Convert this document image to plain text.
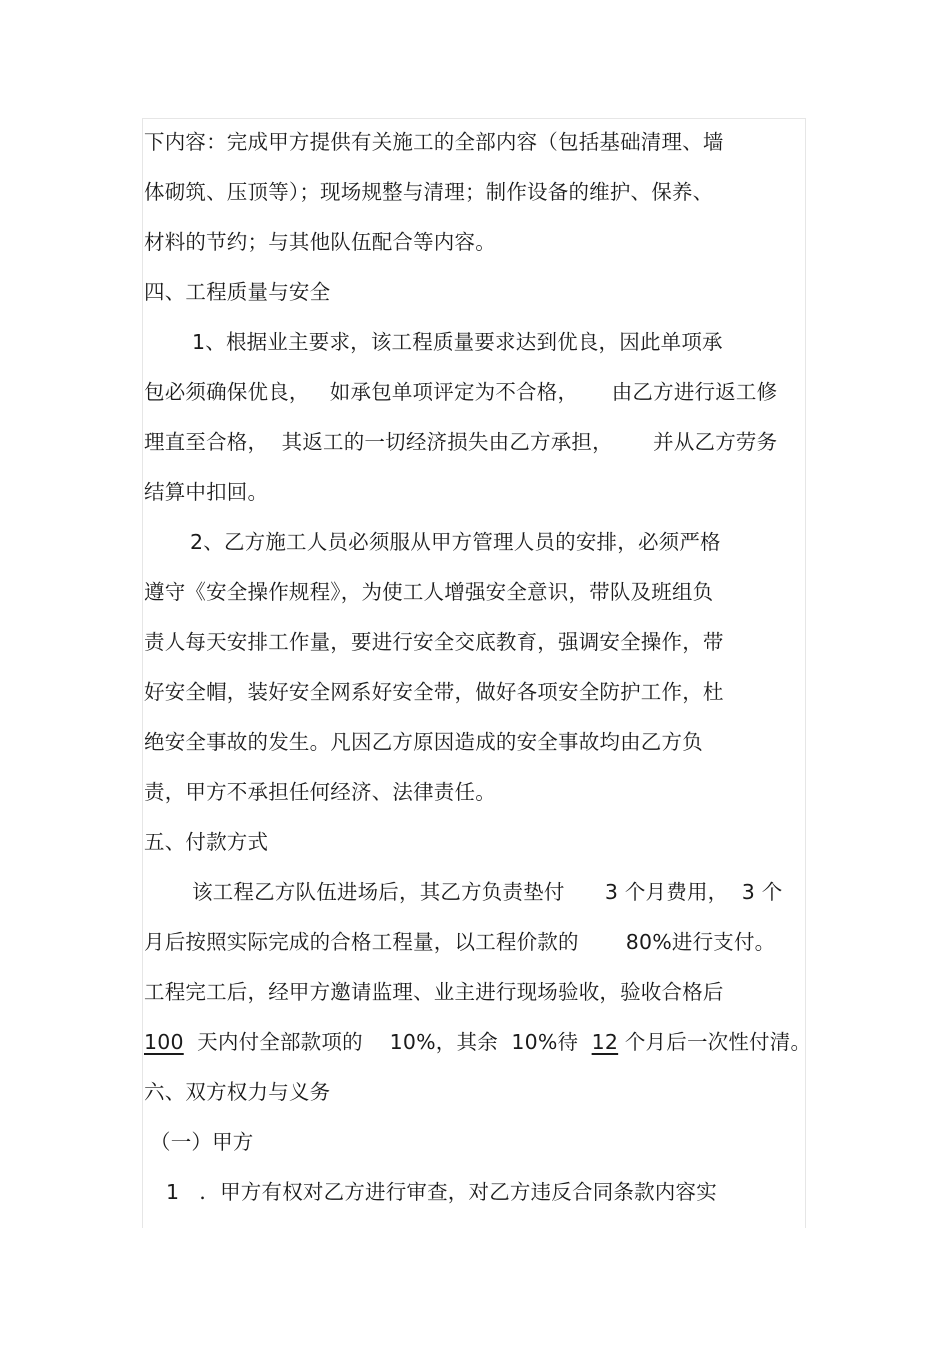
下内容：完成甲方提供有关施工的全部内容（包括基础清理、墙
体砌筑、压顶等）；现场规整与清理；制作设备的维护、保养、
材料的节约；与其他队伍配合等内容。
四、工程质量与安全
1、根据业主要求，该工程质量要求达到优良，因此单项承
包必须确保优良，   如承包单项评定为不合格，     由乙方进行返工修
理直至合格，  其返工的一切经济损失由乙方承担，      并从乙方劳务
结算中扣回。
2、乙方施工人员必须服从甲方管理人员的安排，必须严格
遵守《安全操作规程》，为使工人增强安全意识，带队及班组负
责人每天安排工作量，要进行安全交底教育，强调安全操作，带
好安全帽，装好安全网系好安全带，做好各项安全防护工作，杜
绝安全事故的发生。凡因乙方原因造成的安全事故均由乙方负
责，甲方不承担任何经济、法律责任。
五、付款方式
该工程乙方队伍进场后，其乙方负责垫付      3 个月费用，  3 个
月后按照实际完成的合格工程量，以工程价款的       80%进行支付。
工程完工后，经甲方邀请监理、业主进行现场验收，验收合格后
100  天内付全部款项的    10%，其余  10%待  12 个月后一次性付清。
六、双方权力与义务
（一）甲方
1   ．甲方有权对乙方进行审查，对乙方违反合同条款内容实
